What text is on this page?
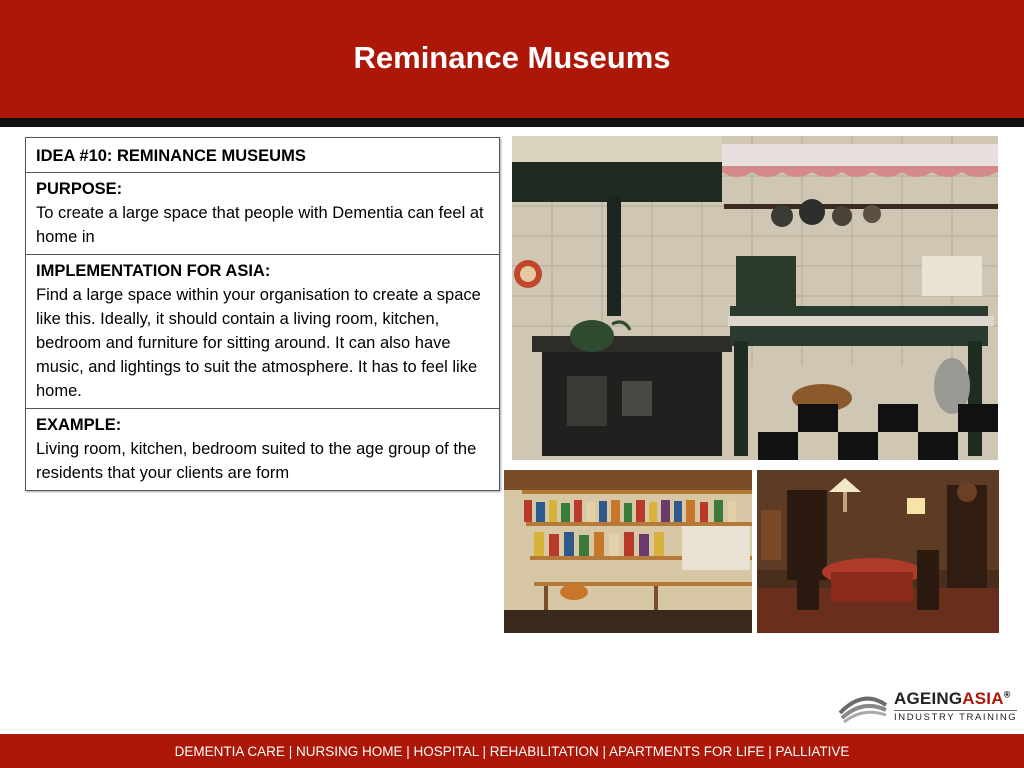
Reminance Museums
IDEA #10: REMINANCE MUSEUMS
PURPOSE:
To create a large space that people with Dementia can feel at home in
IMPLEMENTATION FOR ASIA:
Find a large space within your organisation to create a space like this. Ideally, it should contain a living room, kitchen, bedroom and furniture for sitting around. It can also have music, and lightings to suit the atmosphere. It has to feel like home.
EXAMPLE:
Living room, kitchen, bedroom suited to the age group of the residents that your clients are form
AGEINGASIA®
INDUSTRY TRAINING
DEMENTIA CARE | NURSING HOME | HOSPITAL | REHABILITATION | APARTMENTS FOR LIFE | PALLIATIVE
